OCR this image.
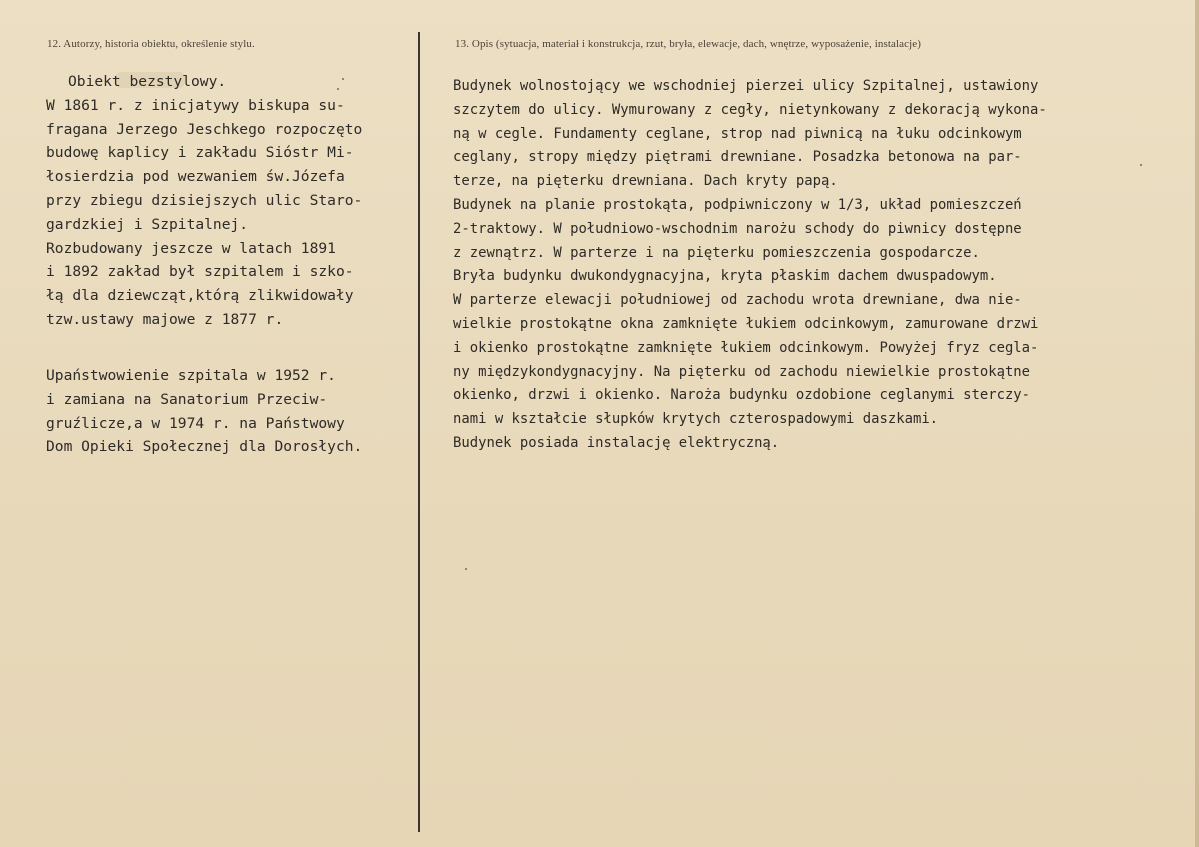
12. Autorzy, historia obiektu, określenie stylu.
Obiekt bezstylowy.
W 1861 r. z inicjatywy biskupa su-
fragana Jerzego Jeschkego rozpoczęto
budowę kaplicy i zakładu Sióstr Mi-
łosierdzia pod wezwaniem św.Józefa
przy zbiegu dzisiejszych ulic Staro-
gardzkiej i Szpitalnej.
Rozbudowany jeszcze w latach 1891
i 1892 zakład był szpitalem i szko-
łą dla dziewcząt,którą zlikwidowały
tzw.ustawy majowe z 1877 r.
Upaństwowienie szpitala w 1952 r.
i zamiana na Sanatorium Przeciw-
gruźlicze,a w 1974 r. na Państwowy
Dom Opieki Społecznej dla Dorosłych.
13. Opis (sytuacja, materiał i konstrukcja, rzut, bryła, elewacje, dach, wnętrze, wyposażenie, instalacje)
Budynek wolnostojący we wschodniej pierzei ulicy Szpitalnej, ustawiony
szczytem do ulicy. Wymurowany z cegły, nietynkowany z dekoracją wykona-
ną w cegle. Fundamenty ceglane, strop nad piwnicą na łuku odcinkowym
ceglany, stropy między piętrami drewniane. Posadzka betonowa na par-
terze, na pięterku drewniana. Dach kryty papą.
Budynek na planie prostokąta, podpiwniczony w 1/3, układ pomieszczeń
2-traktowy. W południowo-wschodnim narożu schody do piwnicy dostępne
z zewnątrz. W parterze i na pięterku pomieszczenia gospodarcze.
Bryła budynku dwukondygnacyjna, kryta płaskim dachem dwuspadowym.
W parterze elewacji południowej od zachodu wrota drewniane, dwa nie-
wielkie prostokątne okna zamknięte łukiem odcinkowym, zamurowane drzwi
i okienko prostokątne zamknięte łukiem odcinkowym. Powyżej fryz cegla-
ny międzykondygnacyjny. Na pięterku od zachodu niewielkie prostokątne
okienko, drzwi i okienko. Naroża budynku ozdobione ceglanymi sterczy-
nami w kształcie słupków krytych czterospadowymi daszkami.
Budynek posiada instalację elektryczną.
